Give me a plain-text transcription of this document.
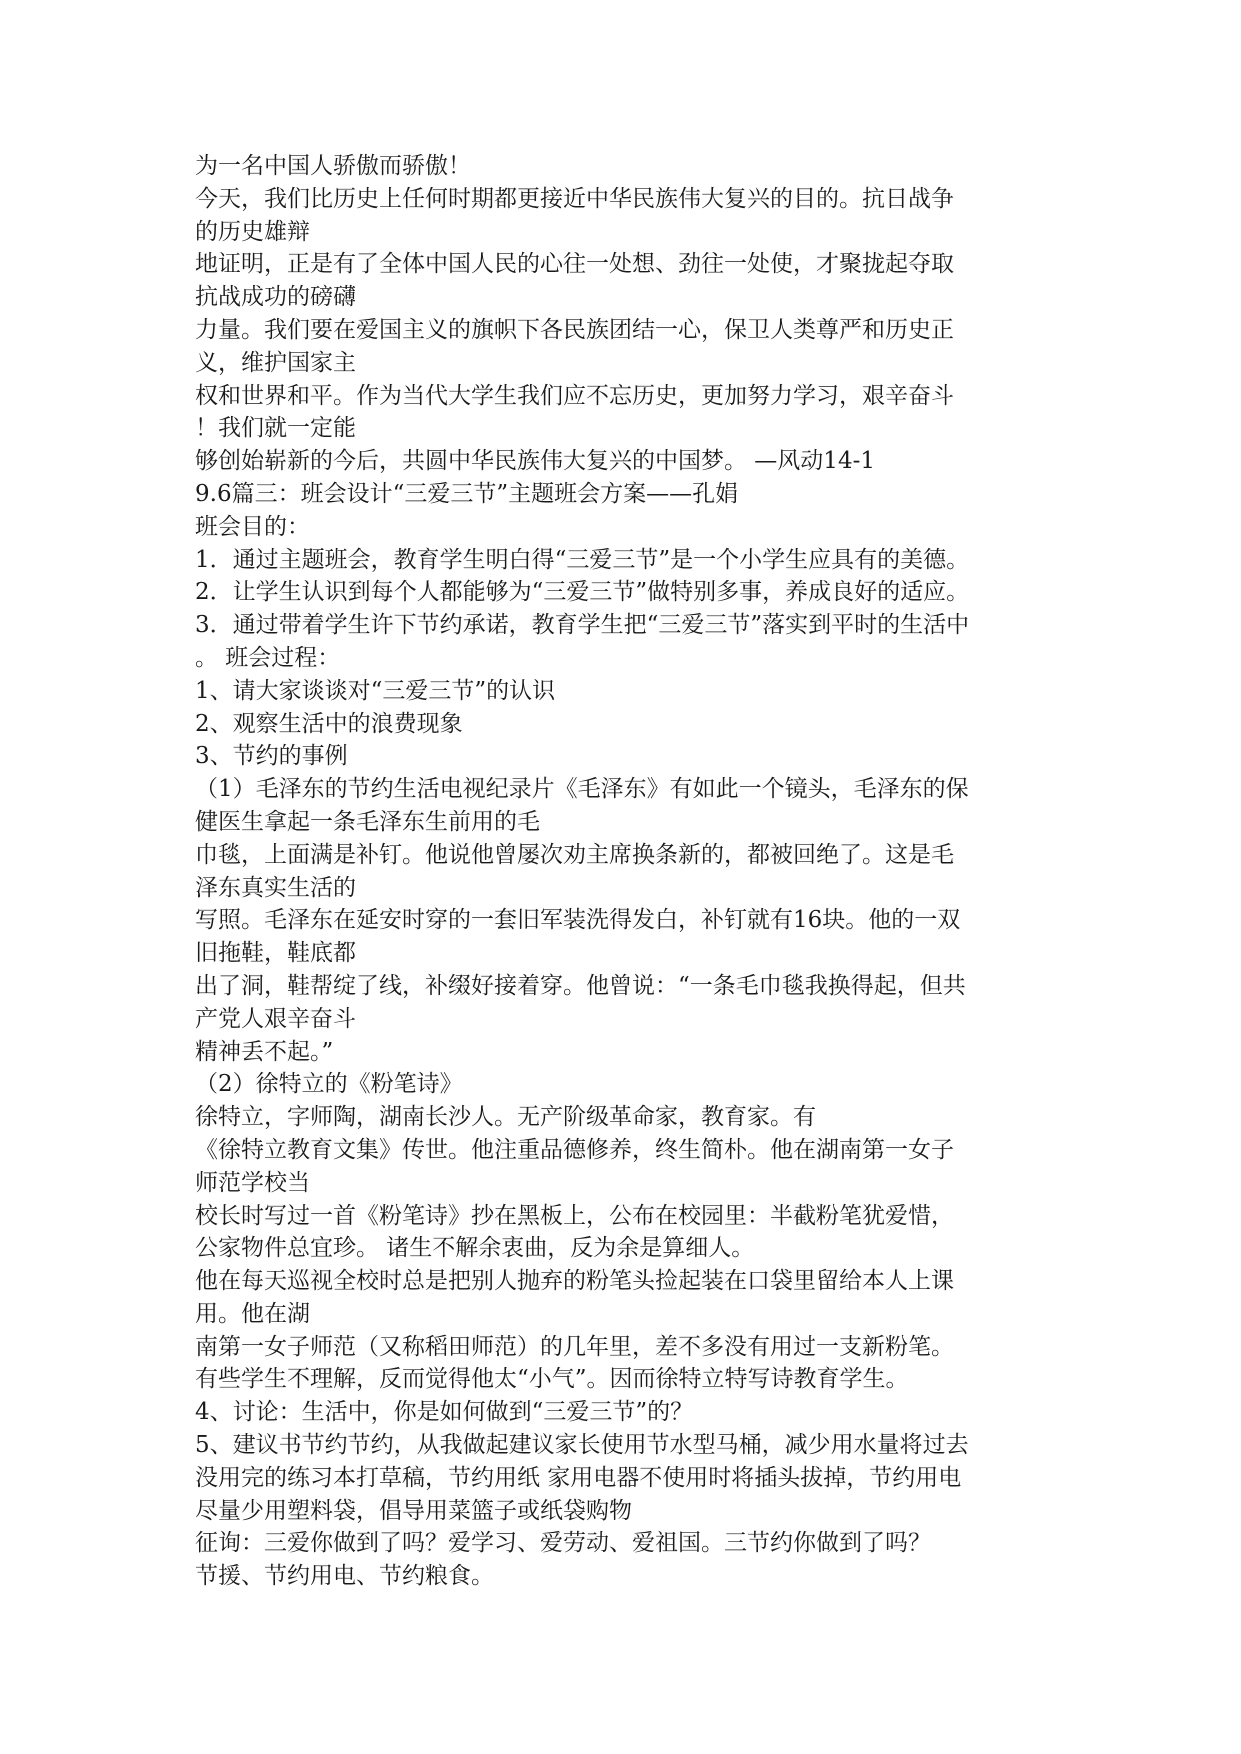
为一名中国人骄傲而骄傲！
今天，我们比历史上任何时期都更接近中华民族伟大复兴的目的。抗日战争
的历史雄辩
地证明，正是有了全体中国人民的心往一处想、劲往一处使，才聚拢起夺取
抗战成功的磅礴
力量。我们要在爱国主义的旗帜下各民族团结一心，保卫人类尊严和历史正
义，维护国家主
权和世界和平。作为当代大学生我们应不忘历史，更加努力学习，艰辛奋斗
！我们就一定能
够创始崭新的今后，共圆中华民族伟大复兴的中国梦。 —风动14-1
9.6篇三：班会设计“三爱三节”主题班会方案——孔娟
班会目的：
1．通过主题班会，教育学生明白得“三爱三节”是一个小学生应具有的美德。
2．让学生认识到每个人都能够为“三爱三节”做特别多事，养成良好的适应。
3．通过带着学生许下节约承诺，教育学生把“三爱三节”落实到平时的生活中
。 班会过程：
1、请大家谈谈对“三爱三节”的认识
2、观察生活中的浪费现象
3、节约的事例
（1）毛泽东的节约生活电视纪录片《毛泽东》有如此一个镜头，毛泽东的保
健医生拿起一条毛泽东生前用的毛
巾毯，上面满是补钉。他说他曾屡次劝主席换条新的，都被回绝了。这是毛
泽东真实生活的
写照。毛泽东在延安时穿的一套旧军装洗得发白，补钉就有16块。他的一双
旧拖鞋，鞋底都
出了洞，鞋帮绽了线，补缀好接着穿。他曾说：“一条毛巾毯我换得起，但共
产党人艰辛奋斗
精神丢不起。”
（2）徐特立的《粉笔诗》
徐特立，字师陶，湖南长沙人。无产阶级革命家，教育家。有
《徐特立教育文集》传世。他注重品德修养，终生简朴。他在湖南第一女子
师范学校当
校长时写过一首《粉笔诗》抄在黑板上，公布在校园里：半截粉笔犹爱惜，
公家物件总宜珍。 诸生不解余衷曲，反为余是算细人。
他在每天巡视全校时总是把别人抛弃的粉笔头捡起装在口袋里留给本人上课
用。他在湖
南第一女子师范（又称稻田师范）的几年里，差不多没有用过一支新粉笔。
有些学生不理解，反而觉得他太“小气”。因而徐特立特写诗教育学生。
4、讨论：生活中，你是如何做到“三爱三节”的？
5、建议书节约节约，从我做起建议家长使用节水型马桶，减少用水量将过去
没用完的练习本打草稿，节约用纸 家用电器不使用时将插头拔掉，节约用电
尽量少用塑料袋，倡导用菜篮子或纸袋购物
征询：三爱你做到了吗？爱学习、爱劳动、爱祖国。三节约你做到了吗？
节援、节约用电、节约粮食。
